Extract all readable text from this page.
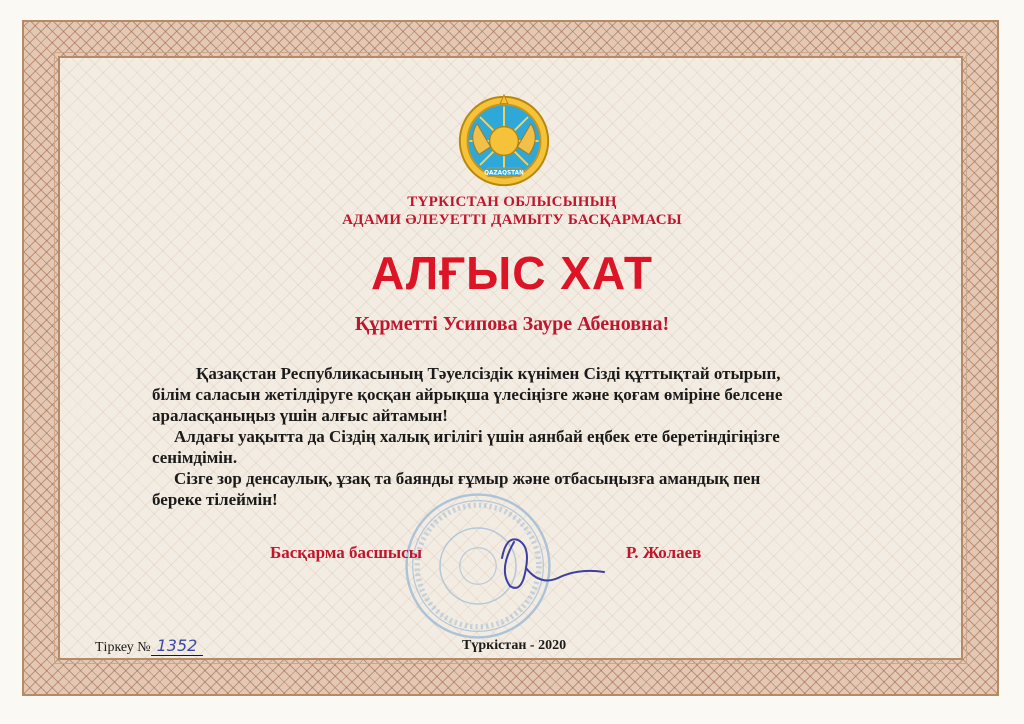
QAZAQSTAN
ТҮРКІСТАН ОБЛЫСЫНЫҢ
АДАМИ ӘЛЕУЕТТІ ДАМЫТУ БАСҚАРМАСЫ
АЛҒЫС ХАТ
Құрметті Усипова Зауре Абеновна!

Қазақстан Республикасының Тәуелсіздік күнімен Сізді құттықтай отырып,

білім саласын жетілдіруге қосқан айрықша үлесіңізге және қоғам өміріне белсене

араласқаныңыз үшін алғыс айтамын!

Алдағы уақытта да Сіздің халық игілігі үшін аянбай еңбек ете беретіндігіңізге

сенімдімін.

Сізге зор денсаулық, ұзақ та баянды ғұмыр және отбасыңызға амандық пен

береке тілеймін!

Басқарма басшысы	Р. Жолаев
Тіркеу № 1352	Түркістан - 2020
